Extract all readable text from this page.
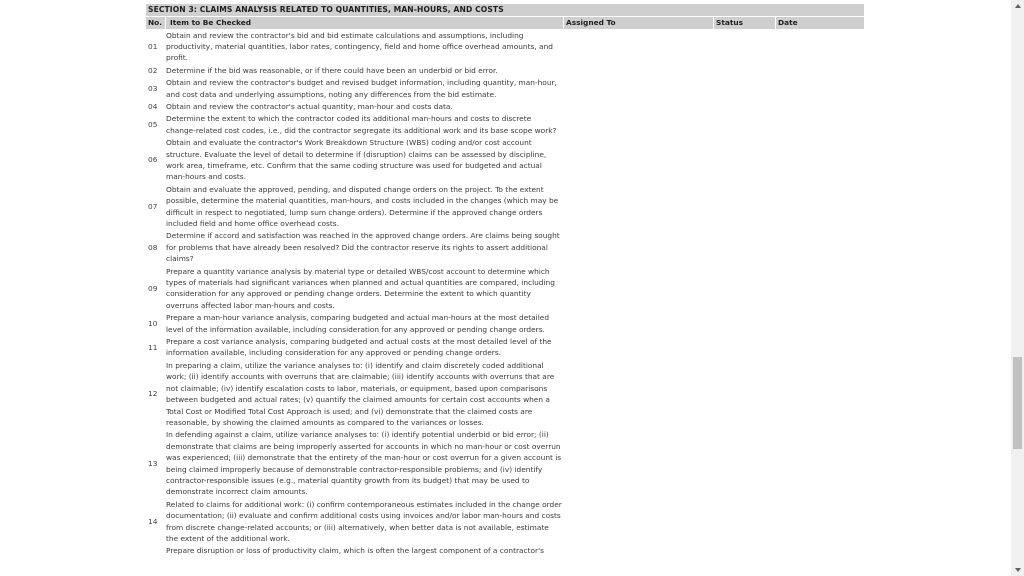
SECTION 3: CLAIMS ANALYSIS RELATED TO QUANTITIES, MAN-HOURS, AND COSTS				
No.	Item to Be Checked	Assigned To	Status	Date
01	Obtain and review the contractor's bid and bid estimate calculations and assumptions, including productivity, material quantities, labor rates, contingency, field and home office overhead amounts, and profit.			
02	Determine if the bid was reasonable, or if there could have been an underbid or bid error.			
03	Obtain and review the contractor's budget and revised budget information, including quantity, man-hour, and cost data and underlying assumptions, noting any differences from the bid estimate.			
04	Obtain and review the contractor's actual quantity, man-hour and costs data.			
05	Determine the extent to which the contractor coded its additional man-hours and costs to discrete change-related cost codes, i.e., did the contractor segregate its additional work and its base scope work?			
06	Obtain and evaluate the contractor's Work Breakdown Structure (WBS) coding and/or cost account structure. Evaluate the level of detail to determine if (disruption) claims can be assessed by discipline, work area, timeframe, etc. Confirm that the same coding structure was used for budgeted and actual man-hours and costs.			
07	Obtain and evaluate the approved, pending, and disputed change orders on the project. To the extent possible, determine the material quantities, man-hours, and costs included in the changes (which may be difficult in respect to negotiated, lump sum change orders). Determine if the approved change orders included field and home office overhead costs.			
08	Determine if accord and satisfaction was reached in the approved change orders. Are claims being sought for problems that have already been resolved? Did the contractor reserve its rights to assert additional claims?			
09	Prepare a quantity variance analysis by material type or detailed WBS/cost account to determine which types of materials had significant variances when planned and actual quantities are compared, including consideration for any approved or pending change orders. Determine the extent to which quantity overruns affected labor man-hours and costs.			
10	Prepare a man-hour variance analysis, comparing budgeted and actual man-hours at the most detailed level of the information available, including consideration for any approved or pending change orders.			
11	Prepare a cost variance analysis, comparing budgeted and actual costs at the most detailed level of the information available, including consideration for any approved or pending change orders.			
12	In preparing a claim, utilize the variance analyses to: (i) identify and claim discretely coded additional work; (ii) identify accounts with overruns that are claimable; (iii) identify accounts with overruns that are not claimable; (iv) identify escalation costs to labor, materials, or equipment, based upon comparisons between budgeted and actual rates; (v) quantify the claimed amounts for certain cost accounts when a Total Cost or Modified Total Cost Approach is used; and (vi) demonstrate that the claimed costs are reasonable, by showing the claimed amounts as compared to the variances or losses.			
13	In defending against a claim, utilize variance analyses to: (i) identify potential underbid or bid error; (ii) demonstrate that claims are being improperly asserted for accounts in which no man-hour or cost overrun was experienced; (iii) demonstrate that the entirety of the man-hour or cost overrun for a given account is being claimed improperly because of demonstrable contractor-responsible problems; and (iv) identify contractor-responsible issues (e.g., material quantity growth from its budget) that may be used to demonstrate incorrect claim amounts.			
14	Related to claims for additional work: (i) confirm contemporaneous estimates included in the change order documentation; (ii) evaluate and confirm additional costs using invoices and/or labor man-hours and costs from discrete change-related accounts; or (iii) alternatively, when better data is not available, estimate the extent of the additional work.			
	Prepare disruption or loss of productivity claim, which is often the largest component of a contractor's			
